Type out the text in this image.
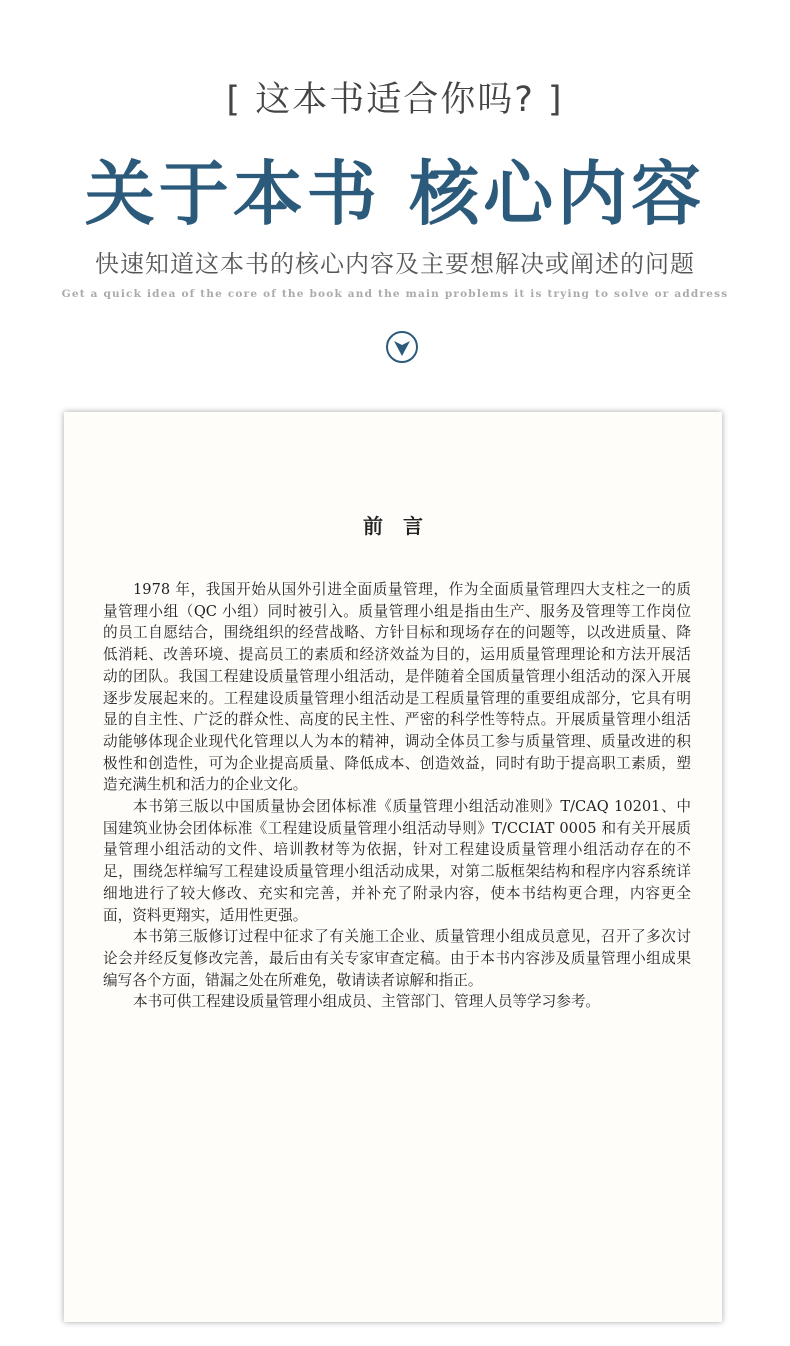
[ 这本书适合你吗? ]
关于本书 核心内容
快速知道这本书的核心内容及主要想解决或阐述的问题
Get a quick idea of the core of the book and the main problems it is trying to solve or address
前　言
1978 年，我国开始从国外引进全面质量管理，作为全面质量管理四大支柱之一的质
量管理小组（QC 小组）同时被引入。质量管理小组是指由生产、服务及管理等工作岗位
的员工自愿结合，围绕组织的经营战略、方针目标和现场存在的问题等，以改进质量、降
低消耗、改善环境、提高员工的素质和经济效益为目的，运用质量管理理论和方法开展活
动的团队。我国工程建设质量管理小组活动，是伴随着全国质量管理小组活动的深入开展
逐步发展起来的。工程建设质量管理小组活动是工程质量管理的重要组成部分，它具有明
显的自主性、广泛的群众性、高度的民主性、严密的科学性等特点。开展质量管理小组活
动能够体现企业现代化管理以人为本的精神，调动全体员工参与质量管理、质量改进的积
极性和创造性，可为企业提高质量、降低成本、创造效益，同时有助于提高职工素质，塑
造充满生机和活力的企业文化。
本书第三版以中国质量协会团体标准《质量管理小组活动准则》T/CAQ 10201、中
国建筑业协会团体标准《工程建设质量管理小组活动导则》T/CCIAT 0005 和有关开展质
量管理小组活动的文件、培训教材等为依据，针对工程建设质量管理小组活动存在的不
足，围绕怎样编写工程建设质量管理小组活动成果，对第二版框架结构和程序内容系统详
细地进行了较大修改、充实和完善，并补充了附录内容，使本书结构更合理，内容更全
面，资料更翔实，适用性更强。
本书第三版修订过程中征求了有关施工企业、质量管理小组成员意见，召开了多次讨
论会并经反复修改完善，最后由有关专家审查定稿。由于本书内容涉及质量管理小组成果
编写各个方面，错漏之处在所难免，敬请读者谅解和指正。
本书可供工程建设质量管理小组成员、主管部门、管理人员等学习参考。
